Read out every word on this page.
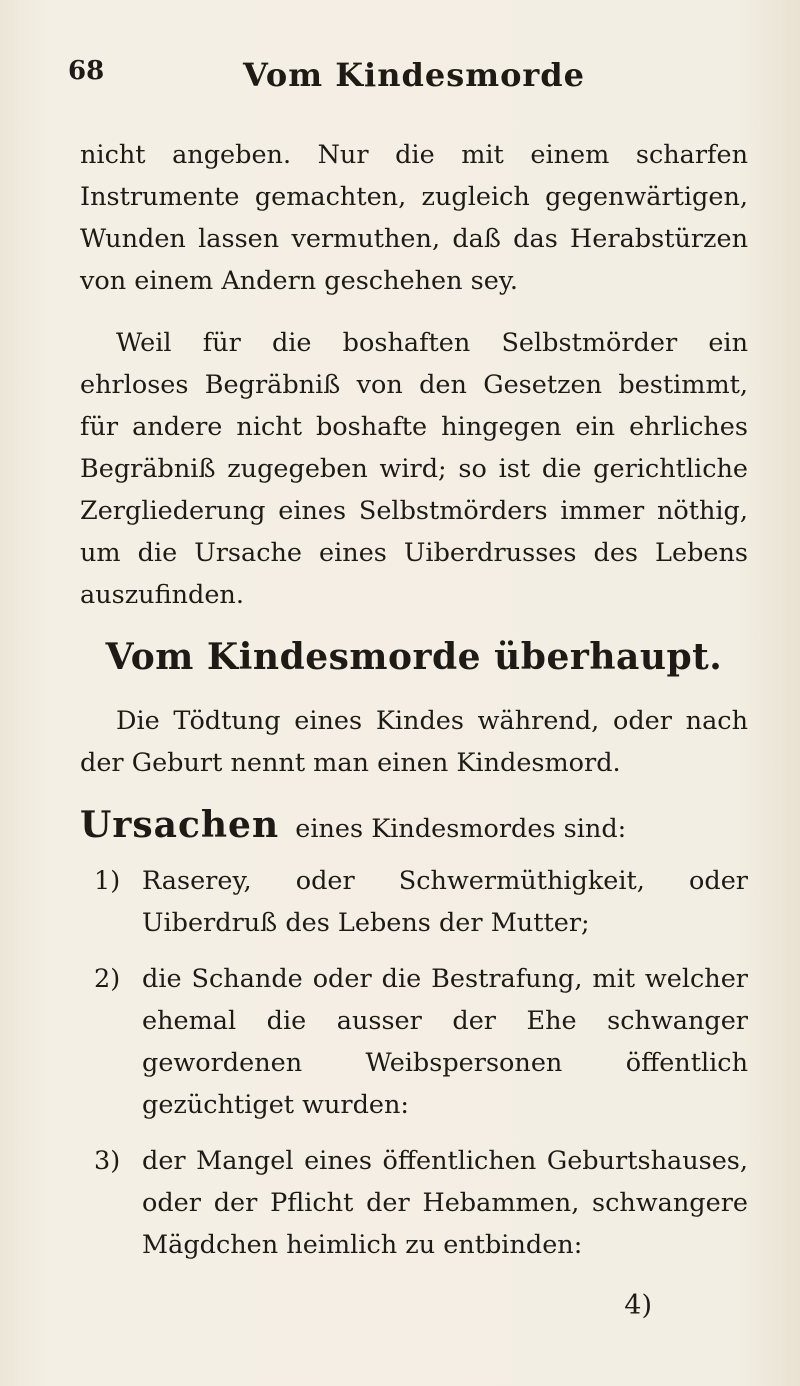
68	Vom Kindesmorde

nicht angeben. Nur die mit einem scharfen Instrumente gemachten, zugleich gegenwärtigen, Wunden lassen vermuthen, daß das Herabstürzen von einem Andern geschehen sey.

Weil für die boshaften Selbstmörder ein ehrloses Begräbniß von den Gesetzen bestimmt, für andere nicht boshafte hingegen ein ehrliches Begräbniß zugegeben wird; so ist die gerichtliche Zergliederung eines Selbstmörders immer nöthig, um die Ursache eines Uiberdrusses des Lebens auszufinden.

Vom Kindesmorde überhaupt.

Die Tödtung eines Kindes während, oder nach der Geburt nennt man einen Kindesmord.

Ursachen eines Kindesmordes sind:
1) Raserey, oder Schwermüthigkeit, oder Uiberdruß des Lebens der Mutter;
2) die Schande oder die Bestrafung, mit welcher ehemal die ausser der Ehe schwanger gewordenen Weibspersonen öffentlich gezüchtiget wurden:
3) der Mangel eines öffentlichen Geburtshauses, oder der Pflicht der Hebammen, schwangere Mägdchen heimlich zu entbinden:
4)
